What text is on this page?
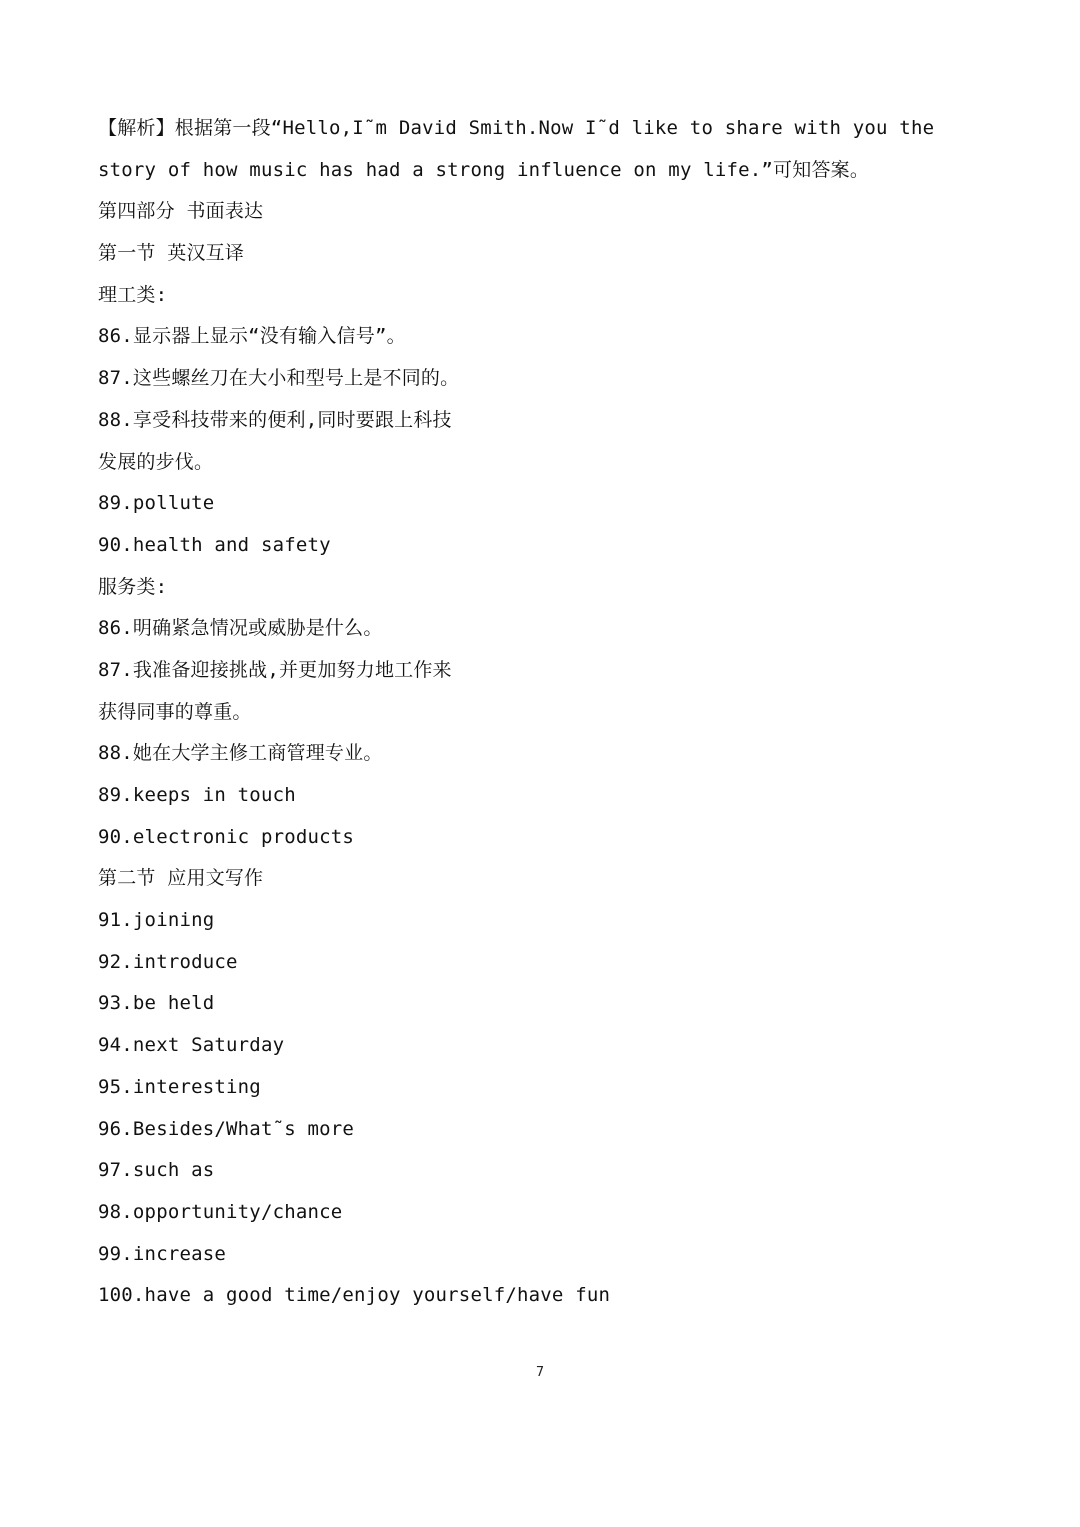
【解析】根据第一段“Hello,I˜m David Smith.Now I˜d like to share with you the
story of how music has had a strong influence on my life.”可知答案。
第四部分 书面表达
第一节 英汉互译
理工类:
86.显示器上显示“没有输入信号”。
87.这些螺丝刀在大小和型号上是不同的。
88.享受科技带来的便利,同时要跟上科技
发展的步伐。
89.pollute
90.health and safety
服务类:
86.明确紧急情况或威胁是什么。
87.我准备迎接挑战,并更加努力地工作来
获得同事的尊重。
88.她在大学主修工商管理专业。
89.keeps in touch
90.electronic products
第二节 应用文写作
91.joining
92.introduce
93.be held
94.next Saturday
95.interesting
96.Besides/What˜s more
97.such as
98.opportunity/chance
99.increase
100.have a good time/enjoy yourself/have fun
7
